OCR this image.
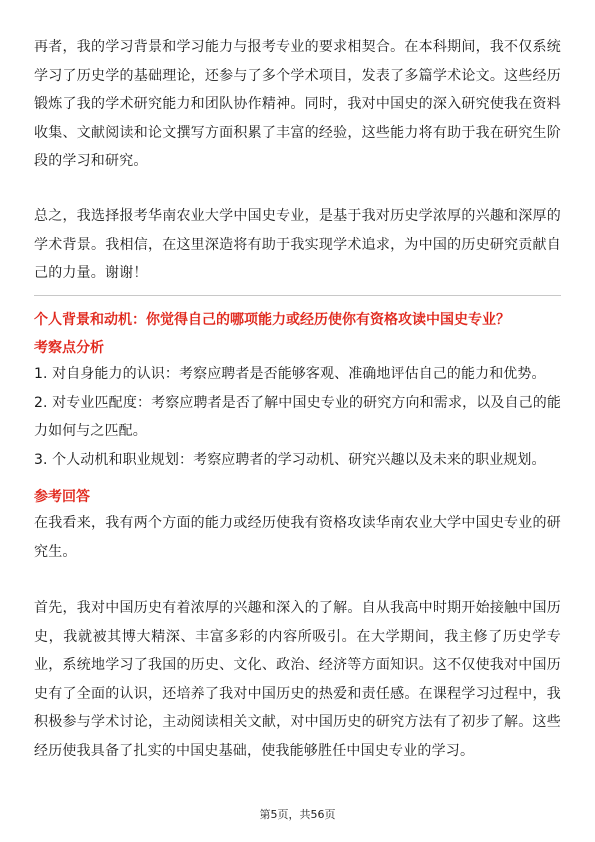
再者，我的学习背景和学习能力与报考专业的要求相契合。在本科期间，我不仅系统学习了历史学的基础理论，还参与了多个学术项目，发表了多篇学术论文。这些经历锻炼了我的学术研究能力和团队协作精神。同时，我对中国史的深入研究使我在资料收集、文献阅读和论文撰写方面积累了丰富的经验，这些能力将有助于我在研究生阶段的学习和研究。

总之，我选择报考华南农业大学中国史专业，是基于我对历史学浓厚的兴趣和深厚的学术背景。我相信，在这里深造将有助于我实现学术追求，为中国的历史研究贡献自己的力量。谢谢！

个人背景和动机：你觉得自己的哪项能力或经历使你有资格攻读中国史专业？

考察点分析

1. 对自身能力的认识：考察应聘者是否能够客观、准确地评估自己的能力和优势。
2. 对专业匹配度：考察应聘者是否了解中国史专业的研究方向和需求，以及自己的能力如何与之匹配。
3. 个人动机和职业规划：考察应聘者的学习动机、研究兴趣以及未来的职业规划。

参考回答

在我看来，我有两个方面的能力或经历使我有资格攻读华南农业大学中国史专业的研究生。

首先，我对中国历史有着浓厚的兴趣和深入的了解。自从我高中时期开始接触中国历史，我就被其博大精深、丰富多彩的内容所吸引。在大学期间，我主修了历史学专业，系统地学习了我国的历史、文化、政治、经济等方面知识。这不仅使我对中国历史有了全面的认识，还培养了我对中国历史的热爱和责任感。在课程学习过程中，我积极参与学术讨论，主动阅读相关文献，对中国历史的研究方法有了初步了解。这些经历使我具备了扎实的中国史基础，使我能够胜任中国史专业的学习。

第5页，共56页
